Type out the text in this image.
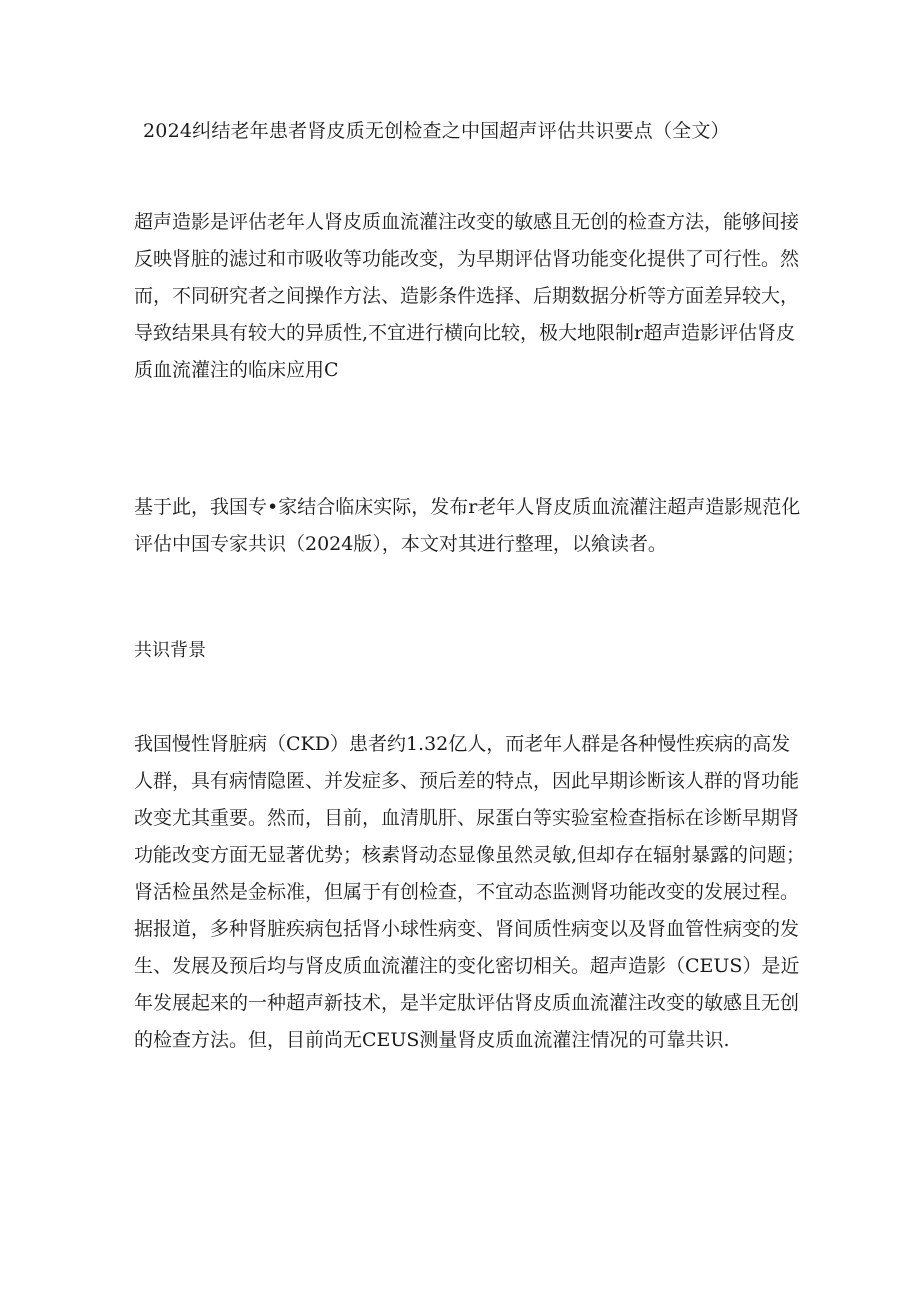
2024纠结老年患者肾皮质无创检查之中国超声评估共识要点（全文）
超声造影是评估老年人肾皮质血流灌注改变的敏感且无创的检查方法，能够间接
反映肾脏的滤过和市吸收等功能改变，为早期评估肾功能变化提供了可行性。然
而，不同研究者之间操作方法、造影条件选择、后期数据分析等方面差异较大，
导致结果具有较大的异质性,不宜进行横向比较，极大地限制r超声造影评估肾皮
质血流灌注的临床应用C
基于此，我国专•家结合临床实际，发布r老年人肾皮质血流灌注超声造影规范化
评估中国专家共识（2024版），本文对其进行整理，以飨读者。
共识背景
我国慢性肾脏病（CKD）患者约1.32亿人，而老年人群是各种慢性疾病的高发
人群，具有病情隐匿、并发症多、预后差的特点，因此早期诊断该人群的肾功能
改变尤其重要。然而，目前，血清肌肝、尿蛋白等实验室检查指标在诊断早期肾
功能改变方面无显著优势；核素肾动态显像虽然灵敏,但却存在辐射暴露的问题；
肾活检虽然是金标准，但属于有创检查，不宜动态监测肾功能改变的发展过程。
据报道，多种肾脏疾病包括肾小球性病变、肾间质性病变以及肾血管性病变的发
生、发展及预后均与肾皮质血流灌注的变化密切相关。超声造影（CEUS）是近
年发展起来的一种超声新技术，是半定肽评估肾皮质血流灌注改变的敏感且无创
的检查方法。但，目前尚无CEUS测量肾皮质血流灌注情况的可靠共识.
